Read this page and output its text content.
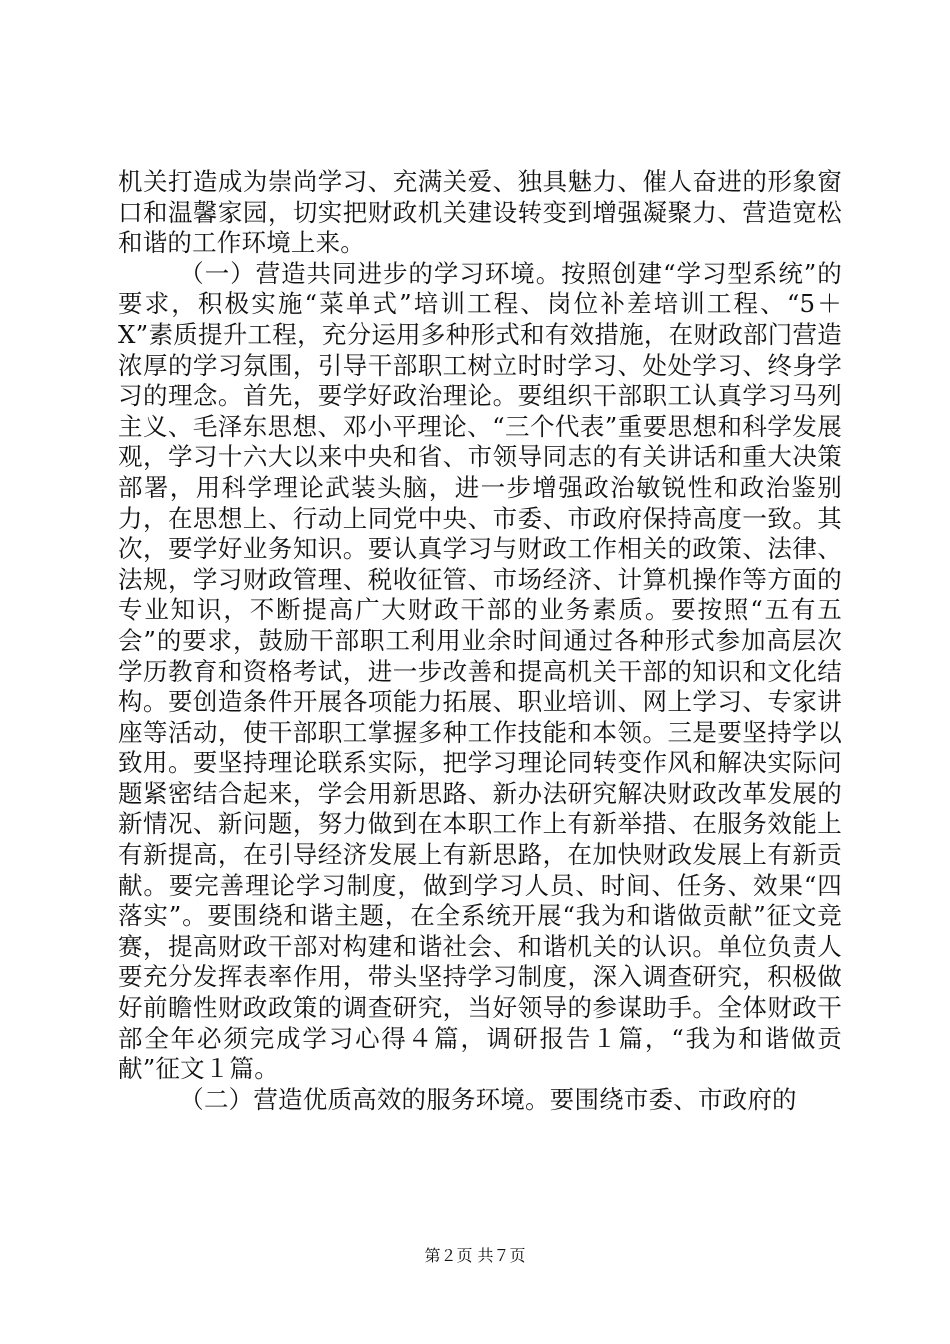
机关打造成为崇尚学习、充满关爱、独具魅力、催人奋进的形象窗口和温馨家园，切实把财政机关建设转变到增强凝聚力、营造宽松和谐的工作环境上来。

（一）营造共同进步的学习环境。按照创建“学习型系统”的要求，积极实施“菜单式”培训工程、岗位补差培训工程、“5＋X”素质提升工程，充分运用多种形式和有效措施，在财政部门营造浓厚的学习氛围，引导干部职工树立时时学习、处处学习、终身学习的理念。首先，要学好政治理论。要组织干部职工认真学习马列主义、毛泽东思想、邓小平理论、“三个代表”重要思想和科学发展观，学习十六大以来中央和省、市领导同志的有关讲话和重大决策部署，用科学理论武装头脑，进一步增强政治敏锐性和政治鉴别力，在思想上、行动上同党中央、市委、市政府保持高度一致。其次，要学好业务知识。要认真学习与财政工作相关的政策、法律、法规，学习财政管理、税收征管、市场经济、计算机操作等方面的专业知识，不断提高广大财政干部的业务素质。要按照“五有五会”的要求，鼓励干部职工利用业余时间通过各种形式参加高层次学历教育和资格考试，进一步改善和提高机关干部的知识和文化结构。要创造条件开展各项能力拓展、职业培训、网上学习、专家讲座等活动，使干部职工掌握多种工作技能和本领。三是要坚持学以致用。要坚持理论联系实际，把学习理论同转变作风和解决实际问题紧密结合起来，学会用新思路、新办法研究解决财政改革发展的新情况、新问题，努力做到在本职工作上有新举措、在服务效能上有新提高，在引导经济发展上有新思路，在加快财政发展上有新贡献。要完善理论学习制度，做到学习人员、时间、任务、效果“四落实”。要围绕和谐主题，在全系统开展“我为和谐做贡献”征文竞赛，提高财政干部对构建和谐社会、和谐机关的认识。单位负责人要充分发挥表率作用，带头坚持学习制度，深入调查研究，积极做好前瞻性财政政策的调查研究，当好领导的参谋助手。全体财政干部全年必须完成学习心得４篇，调研报告１篇，“我为和谐做贡献”征文１篇。

（二）营造优质高效的服务环境。要围绕市委、市政府的

第２页 共７页
